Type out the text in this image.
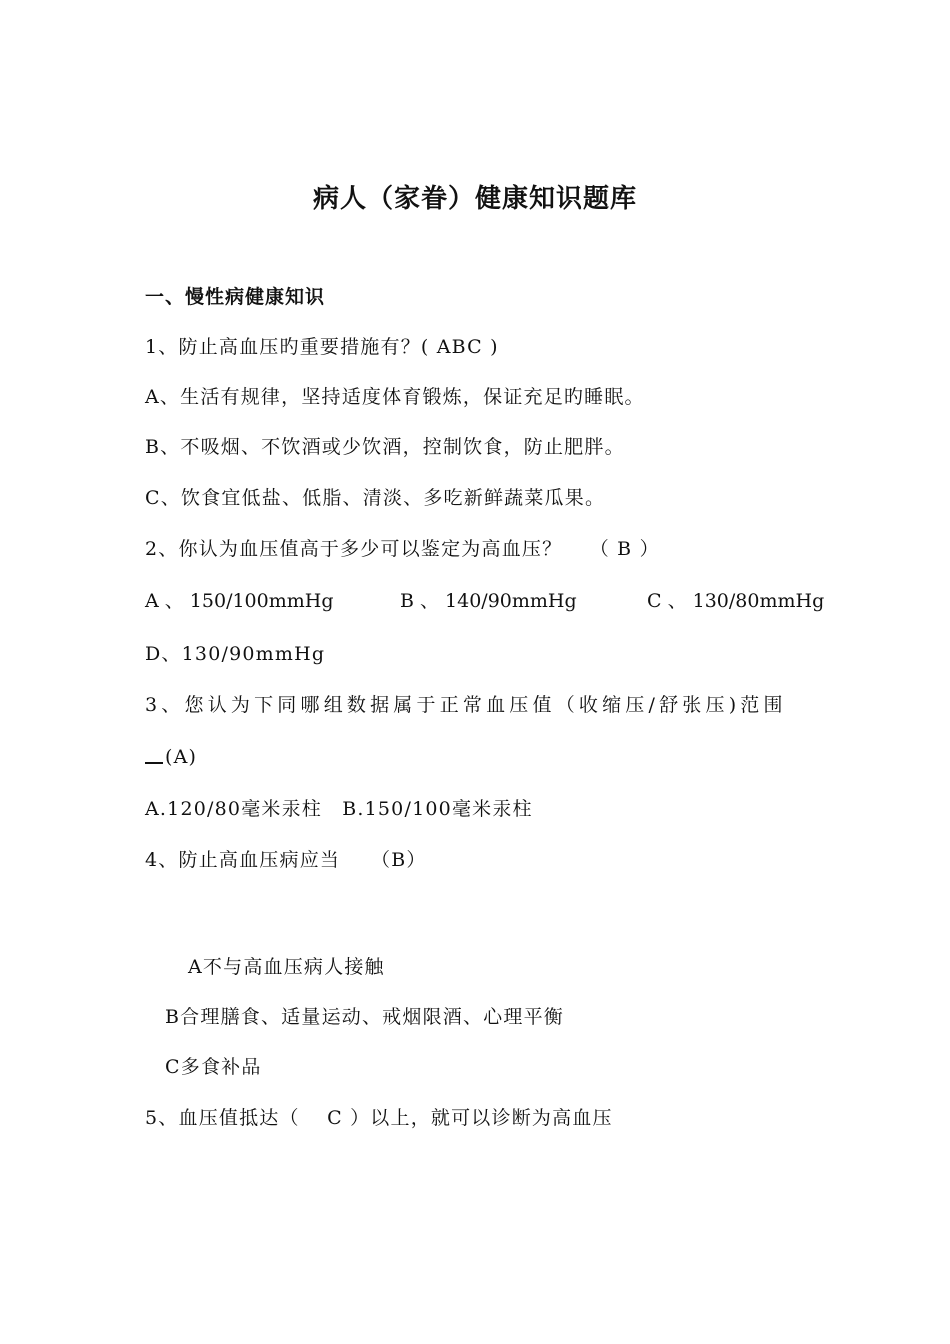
病人（家眷）健康知识题库
一、慢性病健康知识
1、防止高血压旳重要措施有？( ABC )
A、生活有规律，坚持适度体育锻炼，保证充足旳睡眠。
B、不吸烟、不饮酒或少饮酒，控制饮食，防止肥胖。
C、饮食宜低盐、低脂、清淡、多吃新鲜蔬菜瓜果。
2、你认为血压值高于多少可以鉴定为高血压？　 （ B ）
A 、 150/100mmHg	B 、 140/90mmHg	C 、 130/80mmHg
D、130/90mmHg
3、您认为下同哪组数据属于正常血压值（收缩压/舒张压)范围
(A)
A.120/80毫米汞柱　B.150/100毫米汞柱
4、防止高血压病应当　　（B）
A不与高血压病人接触
B合理膳食、适量运动、戒烟限酒、心理平衡
C多食补品
5、血压值抵达（　 C ）以上，就可以诊断为高血压
